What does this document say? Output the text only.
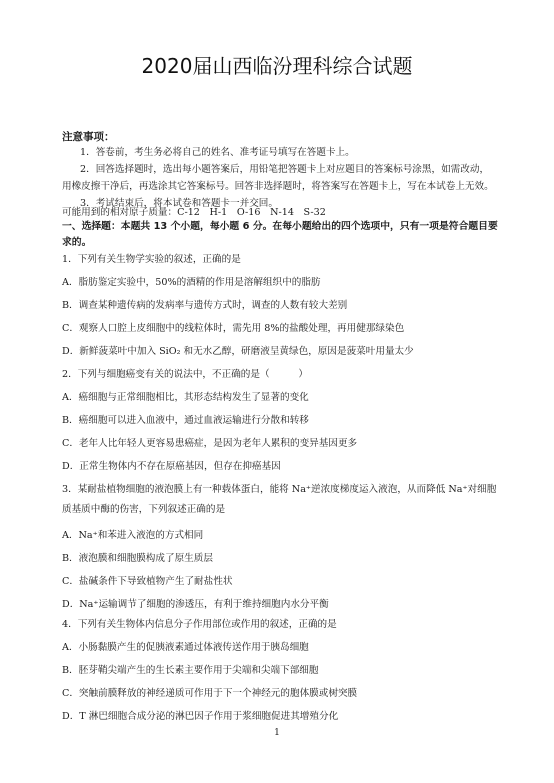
2020届山西临汾理科综合试题
注意事项：
1．答卷前，考生务必将自己的姓名、准考证号填写在答题卡上。
2．回答选择题时，选出每小题答案后，用铅笔把答题卡上对应题目的答案标号涂黑，如需改动，
用橡皮擦干净后，再选涂其它答案标号。回答非选择题时，将答案写在答题卡上，写在本试卷上无效。
3．考试结束后，将本试卷和答题卡一并交回。
可能用到的相对原子质量：C-12　H-1　O-16　N-14　S-32
一、选择题：本题共 13 个小题，每小题 6 分。在每小题给出的四个选项中，只有一项是符合题目要求的。
1．下列有关生物学实验的叙述，正确的是
A．脂肪鉴定实验中，50%的酒精的作用是溶解组织中的脂肪
B．调查某种遗传病的发病率与遗传方式时，调查的人数有较大差别
C．观察人口腔上皮细胞中的线粒体时，需先用 8%的盐酸处理，再用健那绿染色
D．新鲜菠菜叶中加入 SiO₂ 和无水乙醇，研磨液呈黄绿色，原因是菠菜叶用量太少
2．下列与细胞癌变有关的说法中，不正确的是（　　　）
A．癌细胞与正常细胞相比，其形态结构发生了显著的变化
B．癌细胞可以进入血液中，通过血液运输进行分散和转移
C．老年人比年轻人更容易患癌症，是因为老年人累积的变异基因更多
D．正常生物体内不存在原癌基因，但存在抑癌基因
3．某耐盐植物细胞的液泡膜上有一种载体蛋白，能将 Na⁺逆浓度梯度运入液泡，从而降低 Na⁺对细胞质基质中酶的伤害，下列叙述正确的是
A．Na⁺和苯进入液泡的方式相同
B．液泡膜和细胞膜构成了原生质层
C．盐碱条件下导致植物产生了耐盐性状
D．Na⁺运输调节了细胞的渗透压，有利于维持细胞内水分平衡
4．下列有关生物体内信息分子作用部位或作用的叙述，正确的是
A．小肠黏膜产生的促胰液素通过体液传送作用于胰岛细胞
B．胚芽鞘尖端产生的生长素主要作用于尖端和尖端下部细胞
C．突触前膜释放的神经递质可作用于下一个神经元的胞体膜或树突膜
D．T 淋巴细胞合成分泌的淋巴因子作用于浆细胞促进其增殖分化
1
